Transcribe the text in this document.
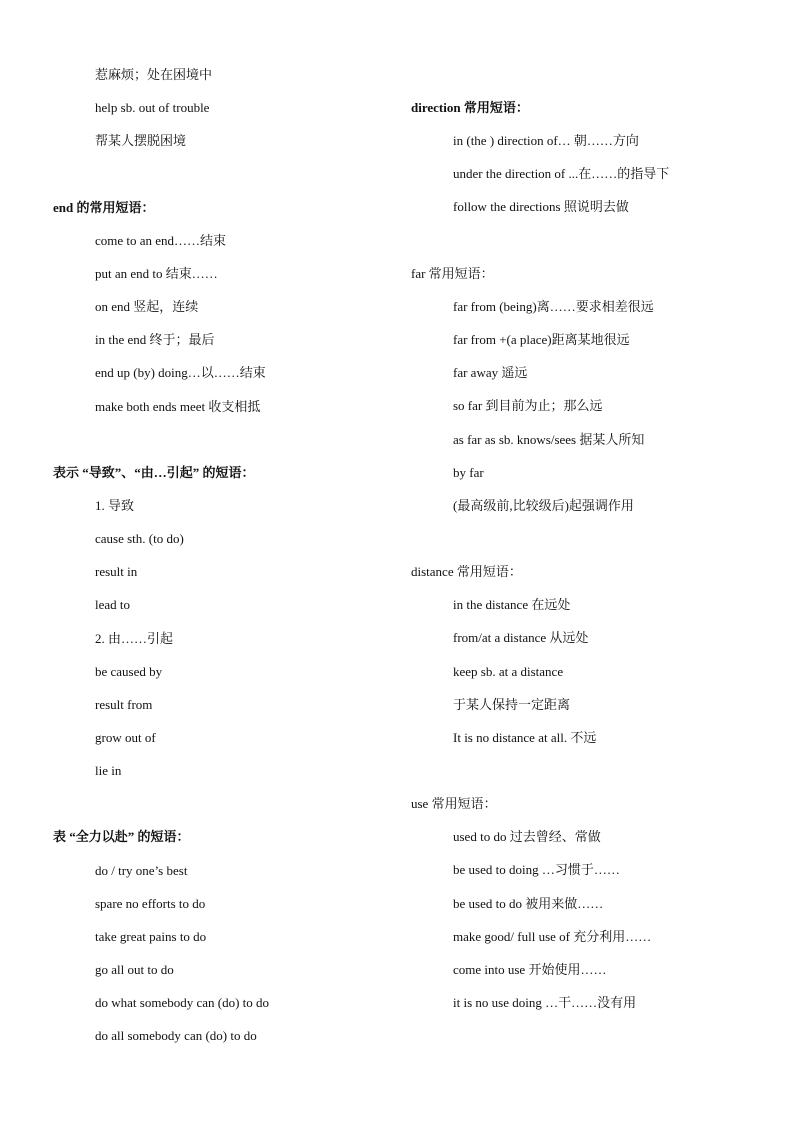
惹麻烦；处在困境中
help sb. out of trouble
帮某人摆脱困境
end 的常用短语：
come to an end……结束
put an end to 结束……
on end 竖起，连续
in the end 终于；最后
end up (by) doing…以……结束
make both ends meet 收支相抵
表示 “导致”、“由…引起” 的短语：
1. 导致
cause sth. (to do)
result in
lead to
2. 由……引起
be caused by
result from
grow out of
lie in
表 “全力以赴” 的短语：
do / try one’s best
spare no efforts to do
take great pains to do
go all out to do
do what somebody can (do) to do
do all somebody can (do) to do
direction 常用短语：
in (the ) direction of… 朝……方向
under the direction of ...在……的指导下
follow the directions 照说明去做
far 常用短语：
far from (being)离……要求相差很远
far from +(a place)距离某地很远
far away 遥远
so far 到目前为止；那么远
as far as sb. knows/sees 据某人所知
by far
(最高级前,比较级后)起强调作用
distance 常用短语：
in the distance 在远处
from/at a distance 从远处
keep sb. at a distance
于某人保持一定距离
It is no distance at all. 不远
use 常用短语：
used to do 过去曾经、常做
be used to doing …习惯于……
be used to do 被用来做……
make good/ full use of 充分利用……
come into use 开始使用……
it is no use doing …干……没有用
